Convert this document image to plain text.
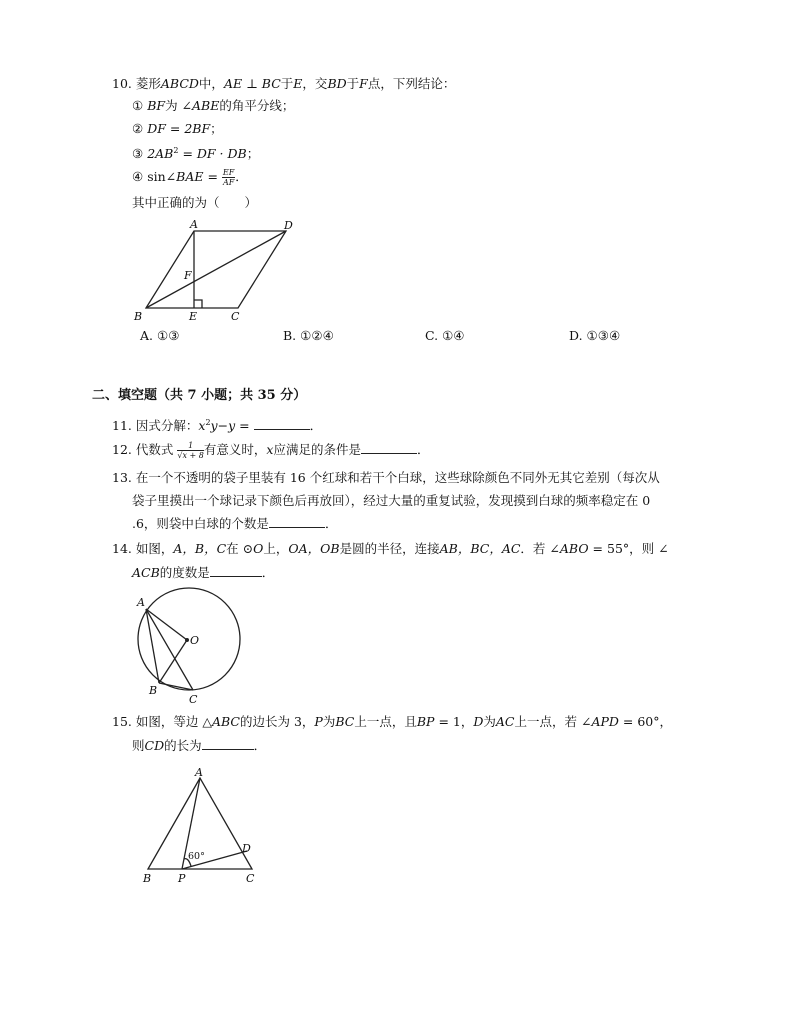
10. 菱形ABCD中，AE ⊥ BC于E，交BD于F点，下列结论：
① BF为 ∠ABE的角平分线；
② DF = 2BF；
③ $2AB^2$ = DF · DB；
④ sin∠BAE = $\frac{EF}{AF}$ ．
其中正确的为（　　）
A	D
F
B	E	C
A. ①③	B. ①②④	C. ①④	D. ①③④
二、填空题（共 7 小题；共 35 分）
11. 因式分解：$x^2y-y$ =	．
12. 代数式 $\frac{1}{√x + 8}$ 有意义时，x应满足的条件是	．
13. 在一个不透明的袋子里装有 16 个红球和若干个白球，这些球除颜色不同外无其它差别（每次从
袋子里摸出一个球记录下颜色后再放回），经过大量的重复试验，发现摸到白球的频率稳定在 0
.6，则袋中白球的个数是	．
14. 如图，A，B，C在 ⊙O上，OA，OB是圆的半径，连接AB，BC，AC．若 ∠ABO = 55°，则 ∠
ACB的度数是	．
A
O
B
C
15. 如图，等边 △ABC的边长为 3，P为BC上一点，且BP = 1，D为AC上一点，若 ∠APD = 60°，
则CD的长为	．
A
D
60°
B P	C
